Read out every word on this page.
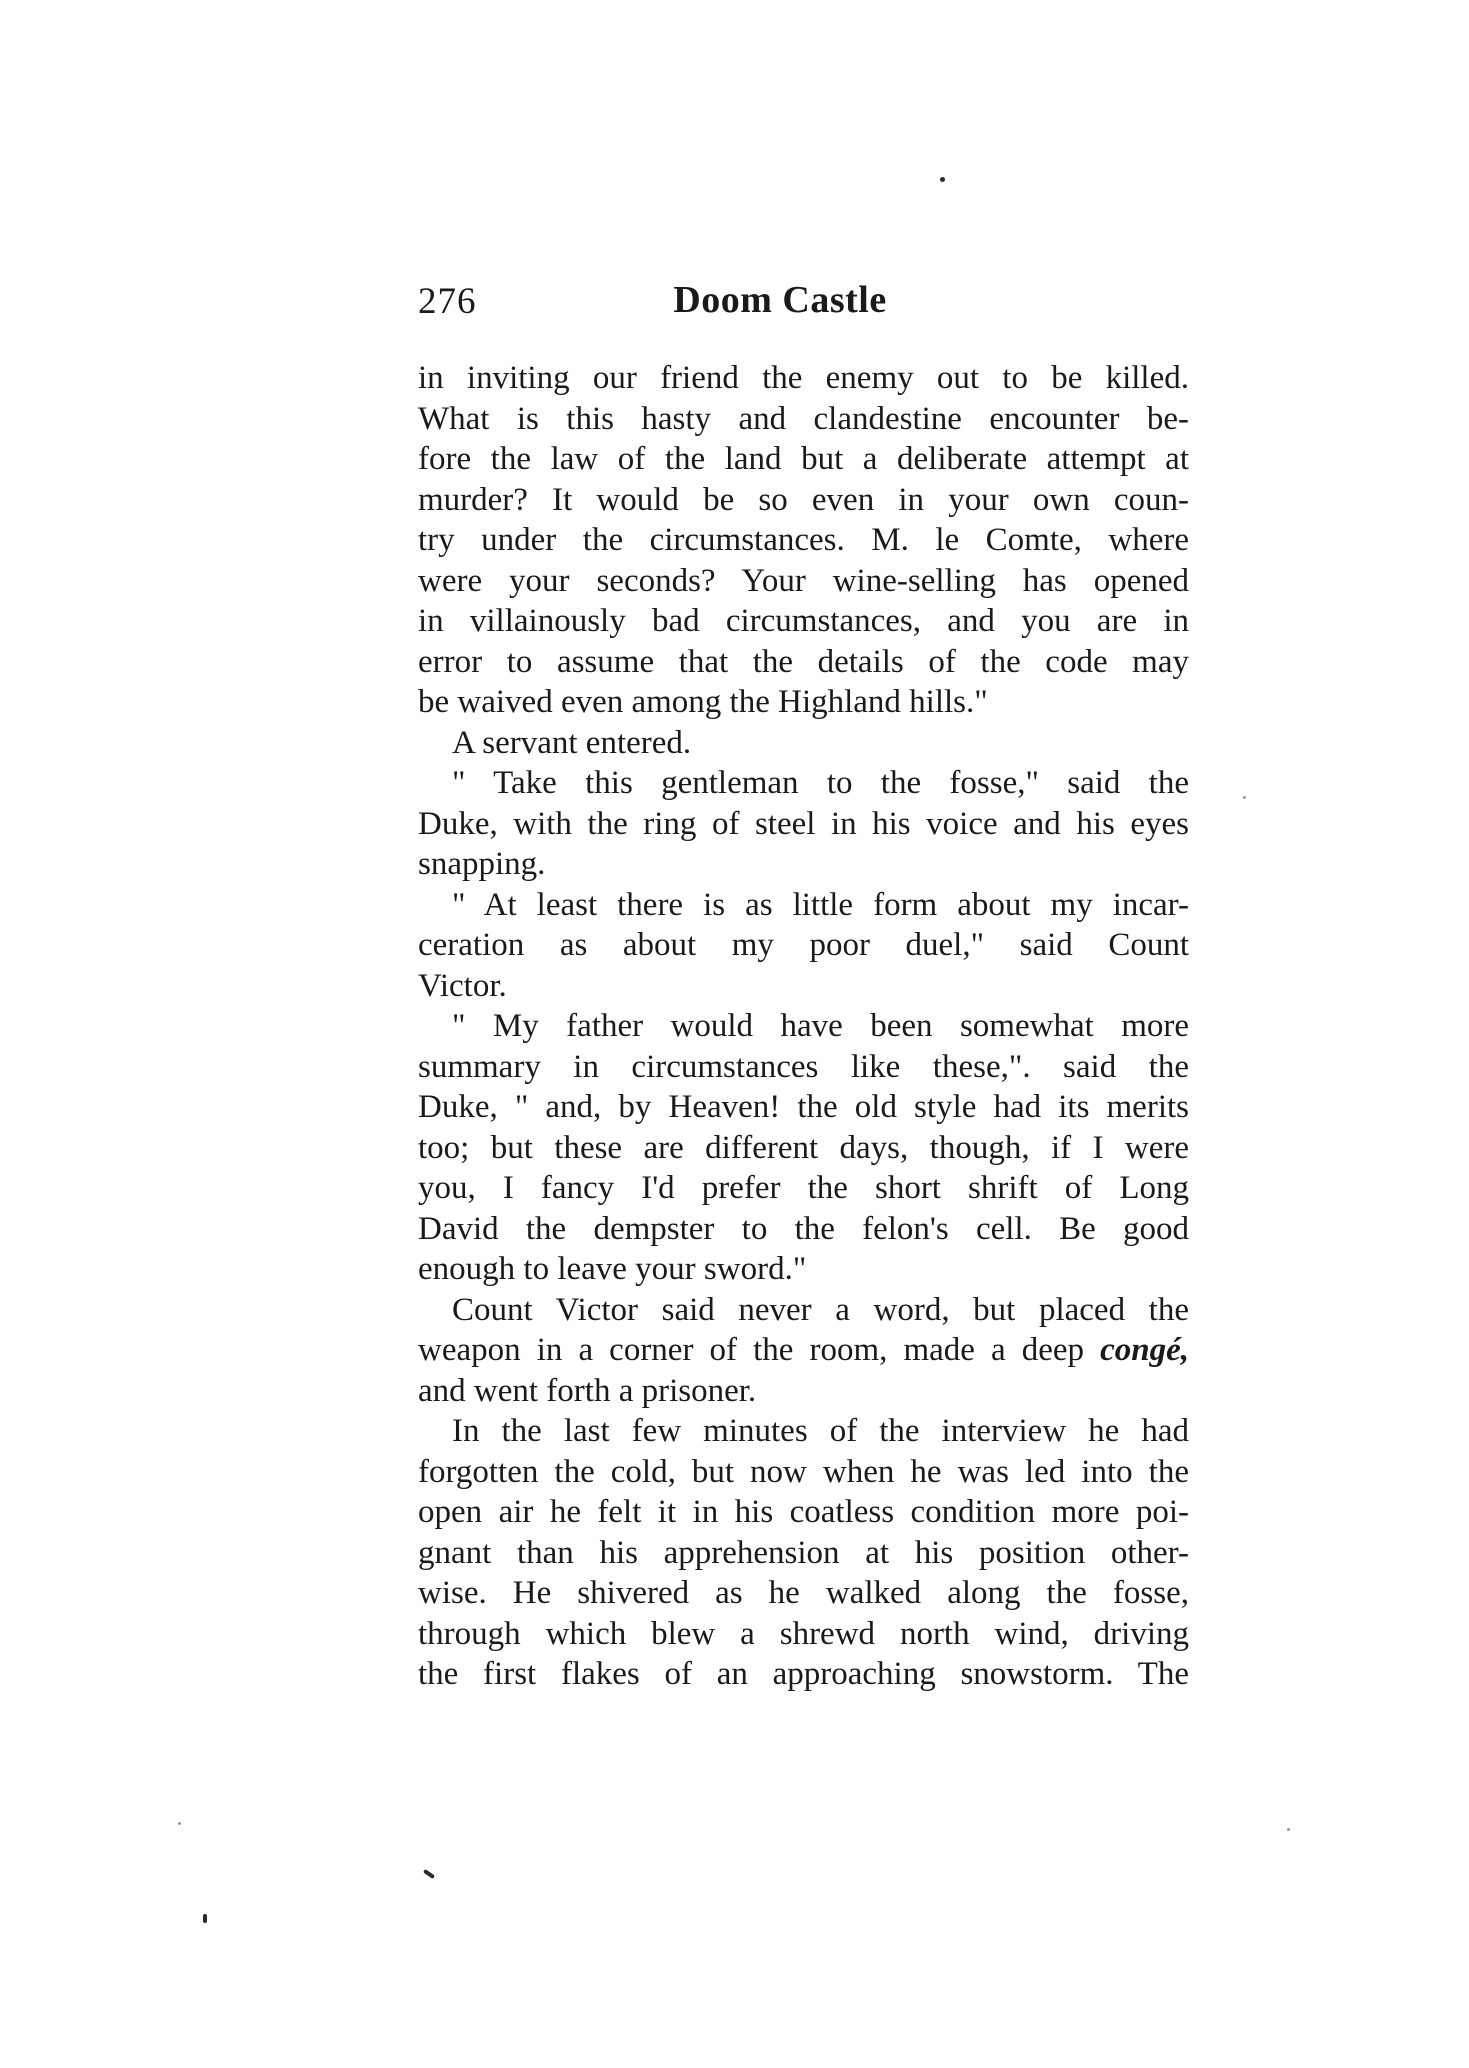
276	Doom Castle
in inviting our friend the enemy out to be killed.
What is this hasty and clandestine encounter be-
fore the law of the land but a deliberate attempt at
murder? It would be so even in your own coun-
try under the circumstances. M. le Comte, where
were your seconds? Your wine-selling has opened
in villainously bad circumstances, and you are in
error to assume that the details of the code may
be waived even among the Highland hills."
A servant entered.
" Take this gentleman to the fosse," said the
Duke, with the ring of steel in his voice and his eyes
snapping.
" At least there is as little form about my incar-
ceration as about my poor duel," said Count
Victor.
" My father would have been somewhat more
summary in circumstances like these,". said the
Duke, " and, by Heaven! the old style had its merits
too; but these are different days, though, if I were
you, I fancy I'd prefer the short shrift of Long
David the dempster to the felon's cell. Be good
enough to leave your sword."
Count Victor said never a word, but placed the
weapon in a corner of the room, made a deep congé,
and went forth a prisoner.
In the last few minutes of the interview he had
forgotten the cold, but now when he was led into the
open air he felt it in his coatless condition more poi-
gnant than his apprehension at his position other-
wise. He shivered as he walked along the fosse,
through which blew a shrewd north wind, driving
the first flakes of an approaching snowstorm. The
